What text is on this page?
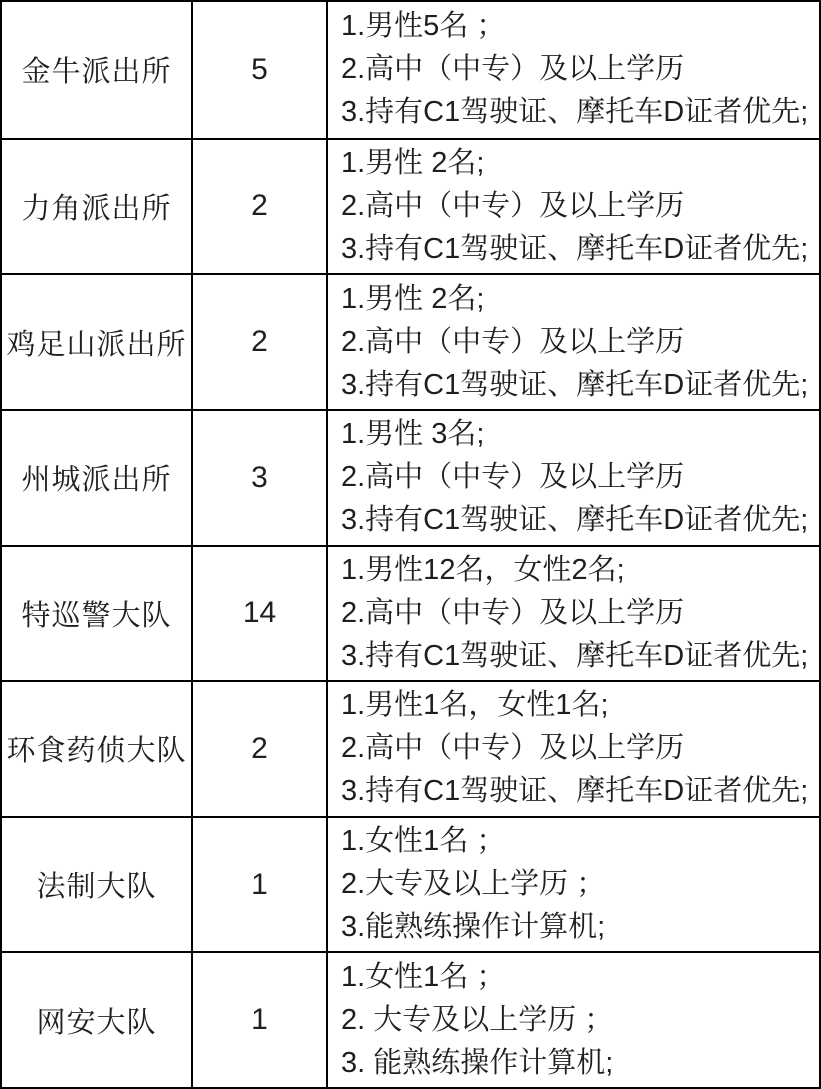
金牛派出所	5
1.男性5名 ；
2.高中（中专）及以上学历
3.持有C1驾驶证、摩托车D证者优先;
力角派出所	2
1.男性 2名;
2.高中（中专）及以上学历
3.持有C1驾驶证、摩托车D证者优先;
鸡足山派出所	2
1.男性 2名;
2.高中（中专）及以上学历
3.持有C1驾驶证、摩托车D证者优先;
州城派出所	3
1.男性 3名;
2.高中（中专）及以上学历
3.持有C1驾驶证、摩托车D证者优先;
特巡警大队	14
1.男性12名，女性2名;
2.高中（中专）及以上学历
3.持有C1驾驶证、摩托车D证者优先;
环食药侦大队	2
1.男性1名，女性1名;
2.高中（中专）及以上学历
3.持有C1驾驶证、摩托车D证者优先;
法制大队	1
1.女性1名 ；
2.大专及以上学历 ；
3.能熟练操作计算机;
网安大队	1
1.女性1名 ；
2. 大专及以上学历 ；
3. 能熟练操作计算机;
